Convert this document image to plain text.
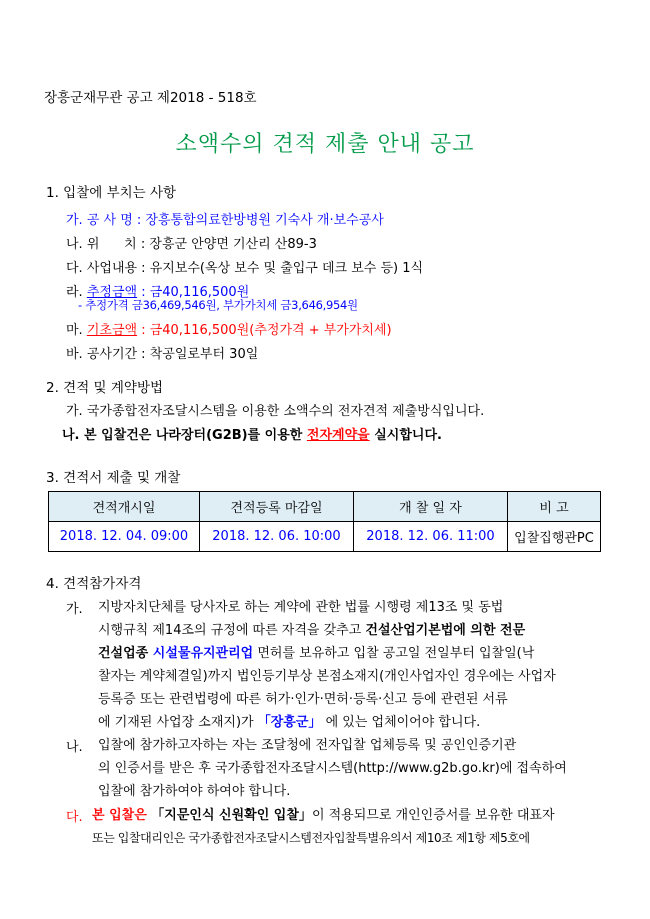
장흥군재무관 공고 제2018 - 518호
소액수의 견적 제출 안내 공고
1. 입찰에 부치는 사항
가. 공 사 명 : 장흥통합의료한방병원 기숙사 개·보수공사
나. 위      치 : 장흥군 안양면 기산리 산89-3
다. 사업내용 : 유지보수(옥상 보수 및 출입구 데크 보수 등) 1식
라. 추정금액 : 금40,116,500원
- 추정가격 금36,469,546원, 부가가치세 금3,646,954원
마. 기초금액 : 금40,116,500원(추정가격 + 부가가치세)
바. 공사기간 : 착공일로부터 30일
2. 견적 및 계약방법
가. 국가종합전자조달시스템을 이용한 소액수의 전자견적 제출방식입니다.
나. 본 입찰건은 나라장터(G2B)를 이용한 전자계약을 실시합니다.
3. 견적서 제출 및 개찰
견적개시일	견적등록 마감일	개 찰 일 자	비 고
2018. 12. 04. 09:00	2018. 12. 06. 10:00	2018. 12. 06. 11:00	입찰집행관PC
4. 견적참가자격
가. 지방자치단체를 당사자로 하는 계약에 관한 법률 시행령 제13조 및 동법
시행규칙 제14조의 규정에 따른 자격을 갖추고 건설산업기본법에 의한 전문
건설업종 시설물유지관리업 면허를 보유하고 입찰 공고일 전일부터 입찰일(낙
찰자는 계약체결일)까지 법인등기부상 본점소재지(개인사업자인 경우에는 사업자
등록증 또는 관련법령에 따른 허가·인가·면허·등록·신고 등에 관련된 서류
에 기재된 사업장 소재지)가 「장흥군」 에 있는 업체이어야 합니다.
나. 입찰에 참가하고자하는 자는 조달청에 전자입찰 업체등록 및 공인인증기관
의 인증서를 받은 후 국가종합전자조달시스템(http://www.g2b.go.kr)에 접속하여
입찰에 참가하여야 하여야 합니다.
다. 본 입찰은 「지문인식 신원확인 입찰」이 적용되므로 개인인증서를 보유한 대표자
또는 입찰대리인은 국가종합전자조달시스템전자입찰특별유의서 제10조 제1항 제5호에
